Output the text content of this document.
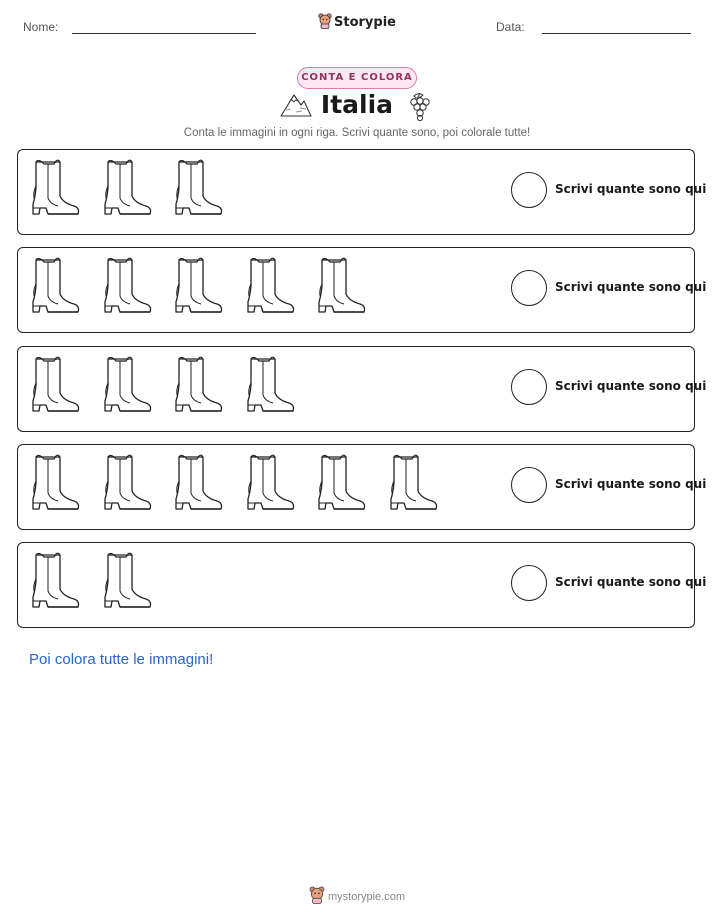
Nome:	Storypie	Data:
CONTA E COLORA
Italia
Conta le immagini in ogni riga. Scrivi quante sono, poi colorale tutte!
Scrivi quante sono qui
Scrivi quante sono qui
Scrivi quante sono qui
Scrivi quante sono qui
Scrivi quante sono qui
Poi colora tutte le immagini!
mystorypie.com
